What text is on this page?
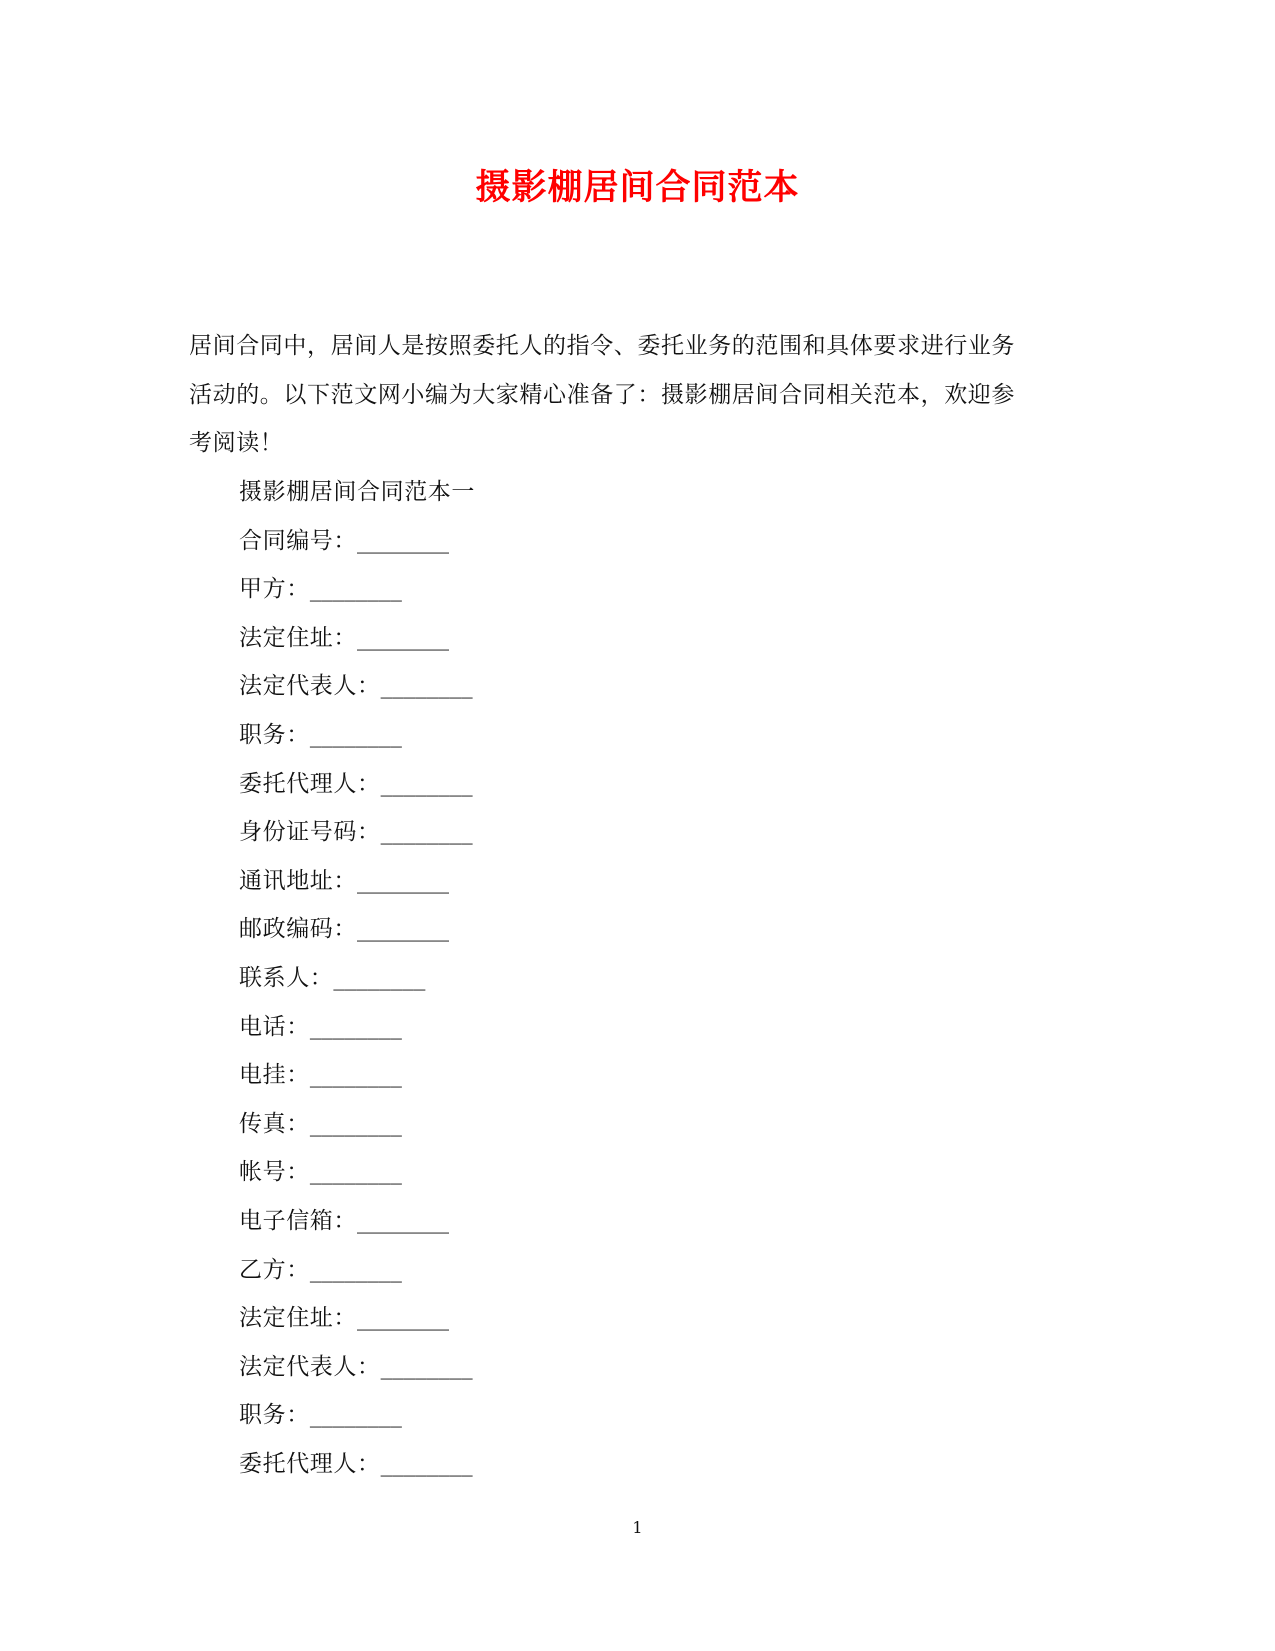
摄影棚居间合同范本

居间合同中，居间人是按照委托人的指令、委托业务的范围和具体要求进行业务
活动的。以下范文网小编为大家精心准备了：摄影棚居间合同相关范本，欢迎参
考阅读！

摄影棚居间合同范本一
合同编号：________
甲方：________
法定住址：________
法定代表人：________
职务：________
委托代理人：________
身份证号码：________
通讯地址：________
邮政编码：________
联系人：________
电话：________
电挂：________
传真：________
帐号：________
电子信箱：________
乙方：________
法定住址：________
法定代表人：________
职务：________
委托代理人：________
1
